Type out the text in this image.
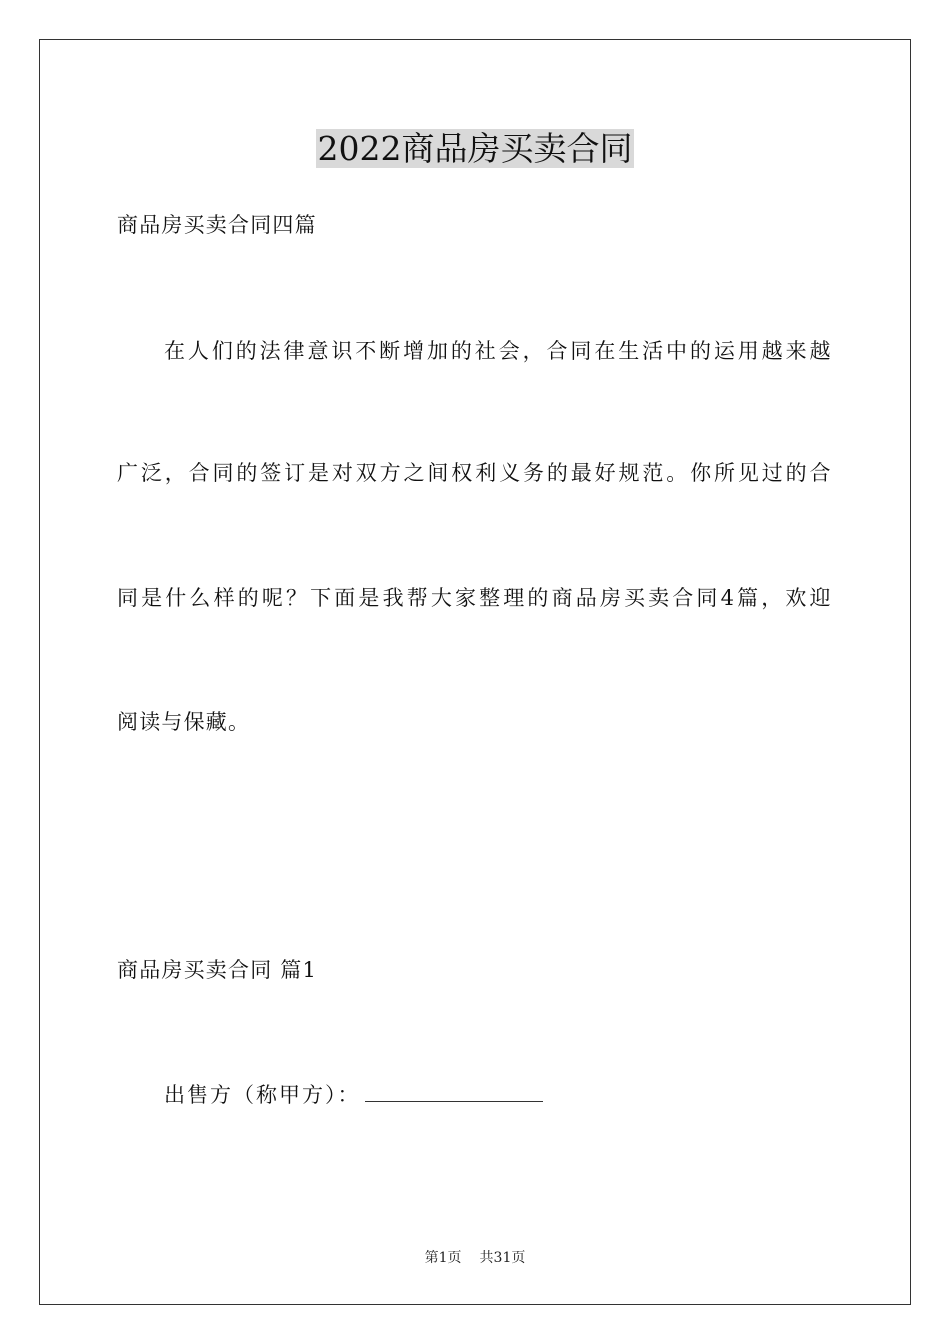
2022商品房买卖合同

商品房买卖合同四篇

在人们的法律意识不断增加的社会，合同在生活中的运用越来越

广泛，合同的签订是对双方之间权利义务的最好规范。你所见过的合

同是什么样的呢？下面是我帮大家整理的商品房买卖合同4篇，欢迎

阅读与保藏。

商品房买卖合同 篇1

出售方（称甲方）：

第1页 共31页
